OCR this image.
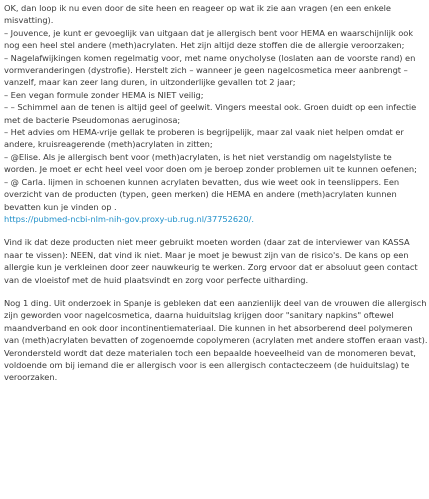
OK, dan loop ik nu even door de site heen en reageer op wat ik zie aan vragen (en een enkele
misvatting).
– Jouvence, je kunt er gevoeglijk van uitgaan dat je allergisch bent voor HEMA en waarschijnlijk ook
nog een heel stel andere (meth)acrylaten. Het zijn altijd deze stoffen die de allergie veroorzaken;
– Nagelafwijkingen komen regelmatig voor, met name onycholyse (loslaten aan de voorste rand) en
vormveranderingen (dystrofie). Herstelt zich – wanneer je geen nagelcosmetica meer aanbrengt –
vanzelf, maar kan zeer lang duren, in uitzonderlijke gevallen tot 2 jaar;
– Een vegan formule zonder HEMA is NIET veilig;
– – Schimmel aan de tenen is altijd geel of geelwit. Vingers meestal ook. Groen duidt op een infectie
met de bacterie Pseudomonas aeruginosa;
– Het advies om HEMA-vrije gellak te proberen is begrijpelijk, maar zal vaak niet helpen omdat er
andere, kruisreagerende (meth)acrylaten in zitten;
– @Elise. Als je allergisch bent voor (meth)acrylaten, is het niet verstandig om nagelstyliste te
worden. Je moet er echt heel veel voor doen om je beroep zonder problemen uit te kunnen oefenen;
– @ Carla. lijmen in schoenen kunnen acrylaten bevatten, dus wie weet ook in teenslippers. Een
overzicht van de producten (typen, geen merken) die HEMA en andere (meth)acrylaten kunnen
bevatten kun je vinden op .
https://pubmed-ncbi-nlm-nih-gov.proxy-ub.rug.nl/37752620/.
Vind ik dat deze producten niet meer gebruikt moeten worden (daar zat de interviewer van KASSA
naar te vissen): NEEN, dat vind ik niet. Maar je moet je bewust zijn van de risico's. De kans op een
allergie kun je verkleinen door zeer nauwkeurig te werken. Zorg ervoor dat er absoluut geen contact
van de vloeistof met de huid plaatsvindt en zorg voor perfecte uitharding.
Nog 1 ding. Uit onderzoek in Spanje is gebleken dat een aanzienlijk deel van de vrouwen die allergisch
zijn geworden voor nagelcosmetica, daarna huiduitslag krijgen door "sanitary napkins" oftewel
maandverband en ook door incontinentiemateriaal. Die kunnen in het absorberend deel polymeren
van (meth)acrylaten bevatten of zogenoemde copolymeren (acrylaten met andere stoffen eraan vast).
Verondersteld wordt dat deze materialen toch een bepaalde hoeveelheid van de monomeren bevat,
voldoende om bij iemand die er allergisch voor is een allergisch contacteczeem (de huiduitslag) te
veroorzaken.
